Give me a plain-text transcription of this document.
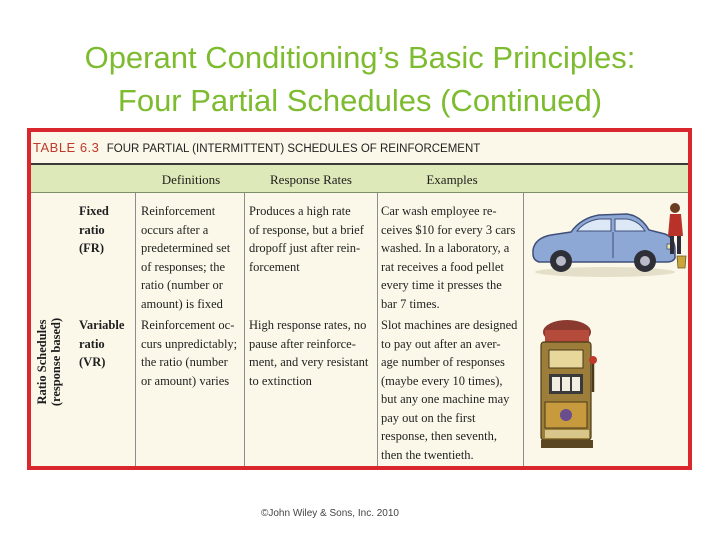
Operant Conditioning’s Basic Principles:
Four Partial Schedules (Continued)
TABLE 6.3 FOUR PARTIAL (INTERMITTENT) SCHEDULES OF REINFORCEMENT
Definitions	Response Rates	Examples
Ratio Schedules (response based)
Fixed
ratio
(FR)
Reinforcement
occurs after a
predetermined set
of responses; the
ratio (number or
amount) is fixed
Produces a high rate
of response, but a brief
dropoff just after rein-
forcement
Car wash employee re-
ceives $10 for every 3 cars
washed. In a laboratory, a
rat receives a food pellet
every time it presses the
bar 7 times.
Variable
ratio
(VR)
Reinforcement oc-
curs unpredictably;
the ratio (number
or amount) varies
High response rates, no
pause after reinforce-
ment, and very resistant
to extinction
Slot machines are designed
to pay out after an aver-
age number of responses
(maybe every 10 times),
but any one machine may
pay out on the first
response, then seventh,
then the twentieth.
©John Wiley & Sons, Inc. 2010
